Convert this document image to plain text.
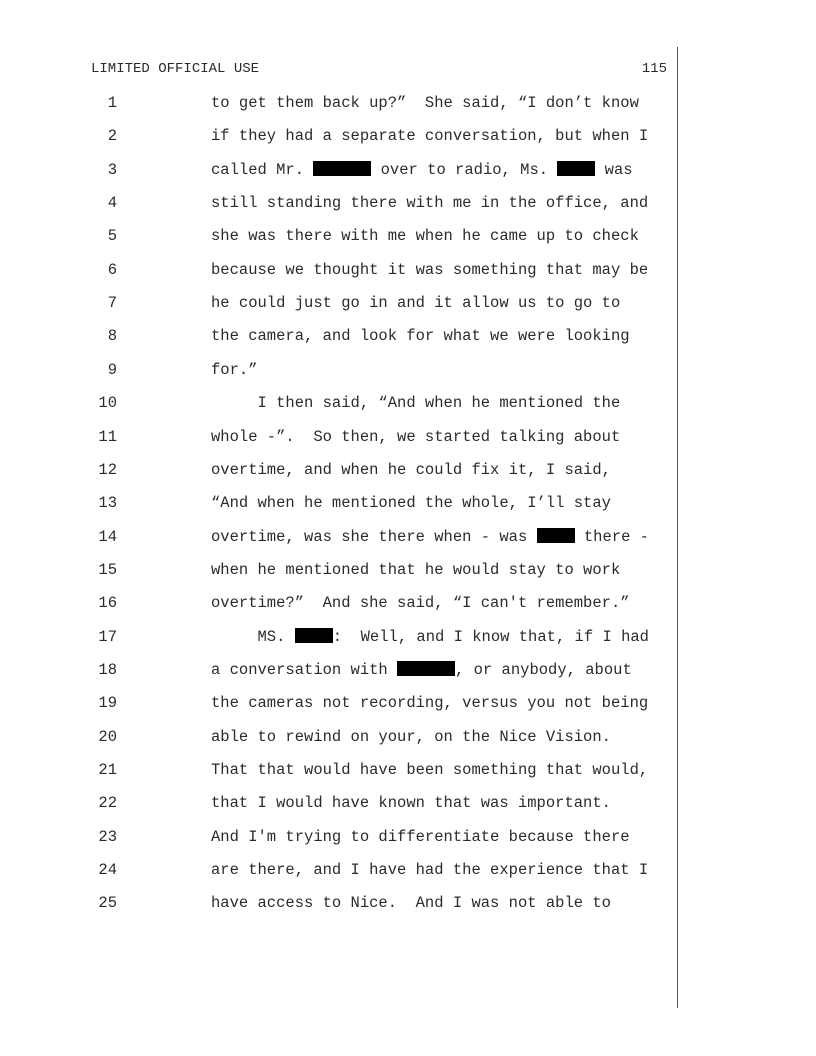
LIMITED OFFICIAL USE	115
1	to get them back up?”  She said, “I don’t know
2	if they had a separate conversation, but when I
3	called Mr.	over to radio, Ms.  was
4	still standing there with me in the office, and
5	she was there with me when he came up to check
6	because we thought it was something that may be
7	he could just go in and it allow us to go to
8	the camera, and look for what we were looking
9	for.”
10	I then said, “And when he mentioned the
11	whole -”.  So then, we started talking about
12	overtime, and when he could fix it, I said,
13	“And when he mentioned the whole, I’ll stay
14	overtime, was she there when - was  there -
15	when he mentioned that he would stay to work
16	overtime?”  And she said, “I can't remember.”
17	MS. :  Well, and I know that, if I had
18	a conversation with	, or anybody, about
19	the cameras not recording, versus you not being
20	able to rewind on your, on the Nice Vision.
21	That that would have been something that would,
22	that I would have known that was important.
23	And I'm trying to differentiate because there
24	are there, and I have had the experience that I
25	have access to Nice.  And I was not able to
